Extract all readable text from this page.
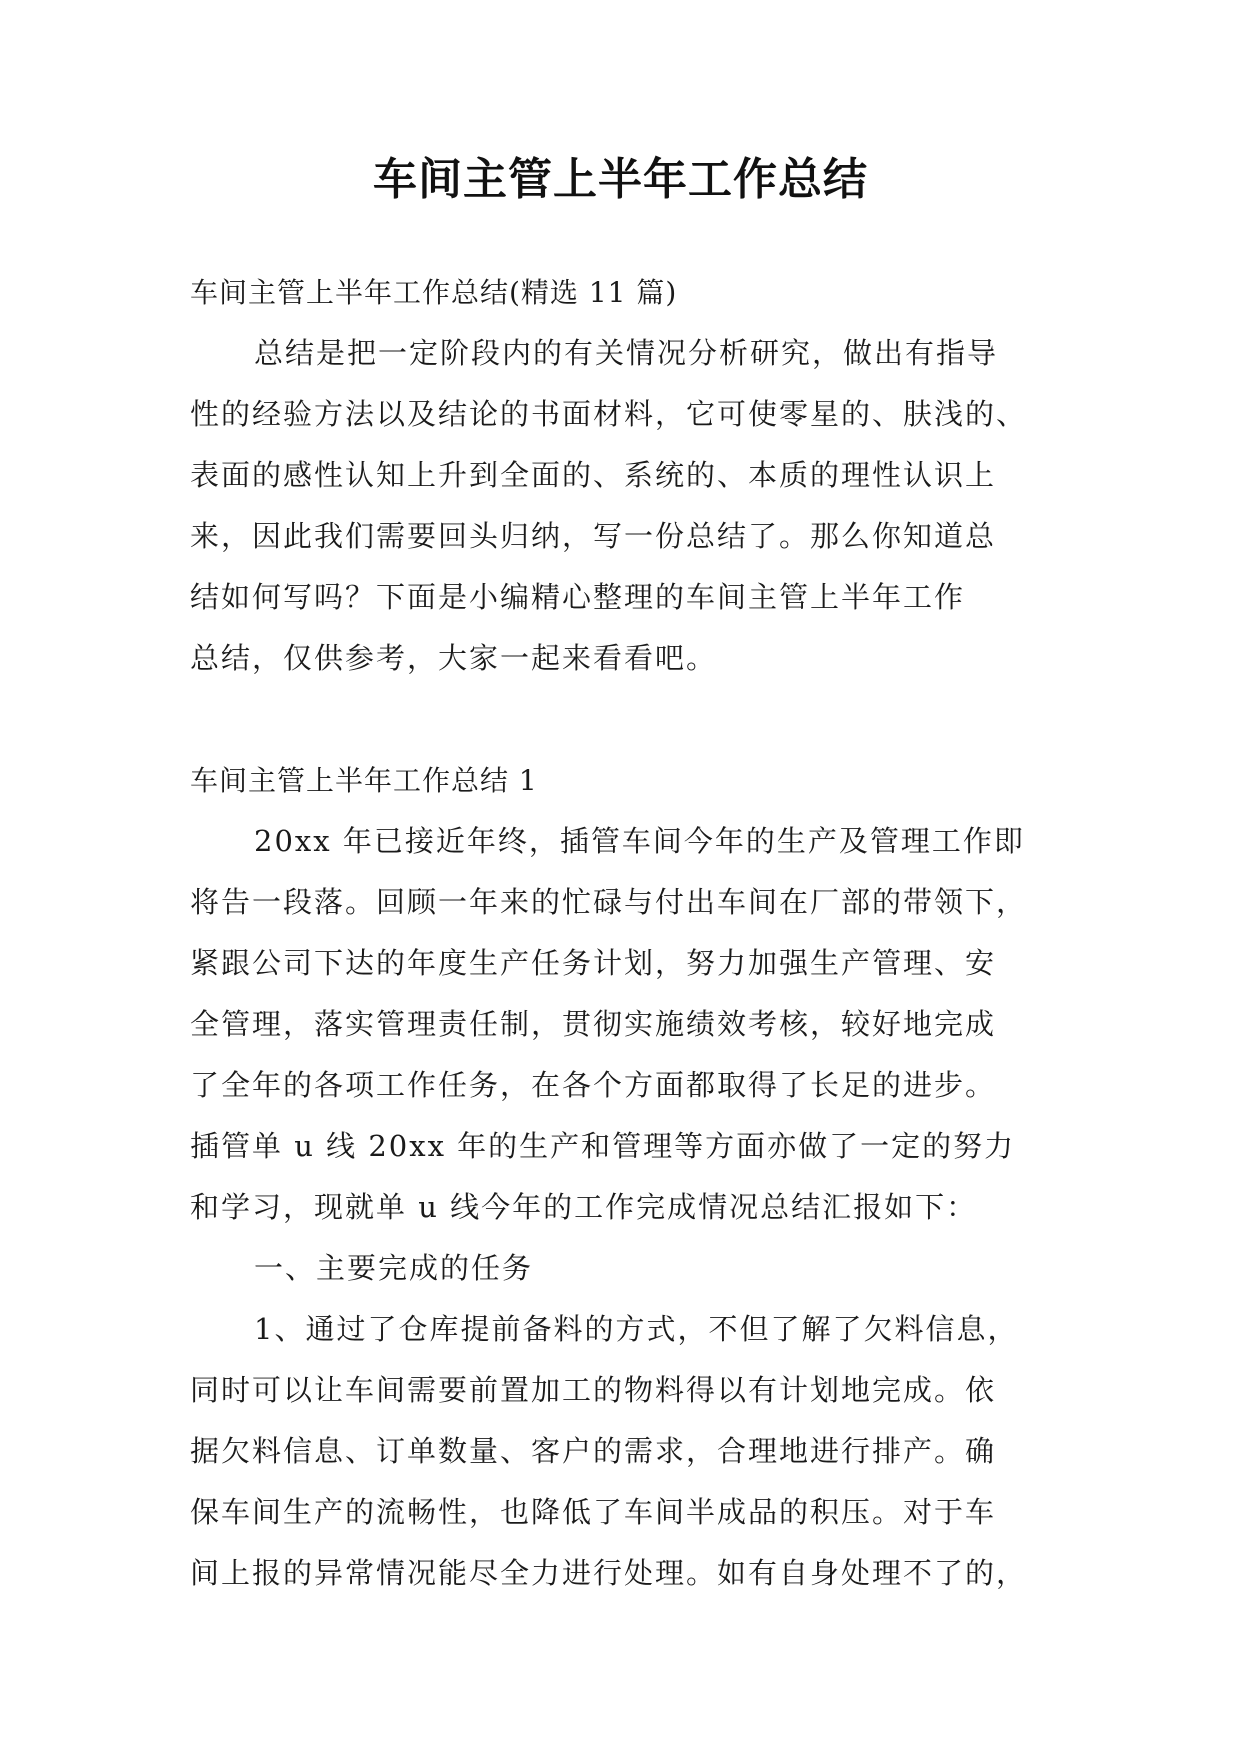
车间主管上半年工作总结
车间主管上半年工作总结(精选 11 篇)
总结是把一定阶段内的有关情况分析研究，做出有指导
性的经验方法以及结论的书面材料，它可使零星的、肤浅的、
表面的感性认知上升到全面的、系统的、本质的理性认识上
来，因此我们需要回头归纳，写一份总结了。那么你知道总
结如何写吗？下面是小编精心整理的车间主管上半年工作
总结，仅供参考，大家一起来看看吧。
车间主管上半年工作总结 1
20xx 年已接近年终，插管车间今年的生产及管理工作即
将告一段落。回顾一年来的忙碌与付出车间在厂部的带领下，
紧跟公司下达的年度生产任务计划，努力加强生产管理、安
全管理，落实管理责任制，贯彻实施绩效考核，较好地完成
了全年的各项工作任务，在各个方面都取得了长足的进步。
插管单 u 线 20xx 年的生产和管理等方面亦做了一定的努力
和学习，现就单 u 线今年的工作完成情况总结汇报如下：
一、主要完成的任务
1、通过了仓库提前备料的方式，不但了解了欠料信息，
同时可以让车间需要前置加工的物料得以有计划地完成。依
据欠料信息、订单数量、客户的需求，合理地进行排产。确
保车间生产的流畅性，也降低了车间半成品的积压。对于车
间上报的异常情况能尽全力进行处理。如有自身处理不了的，
